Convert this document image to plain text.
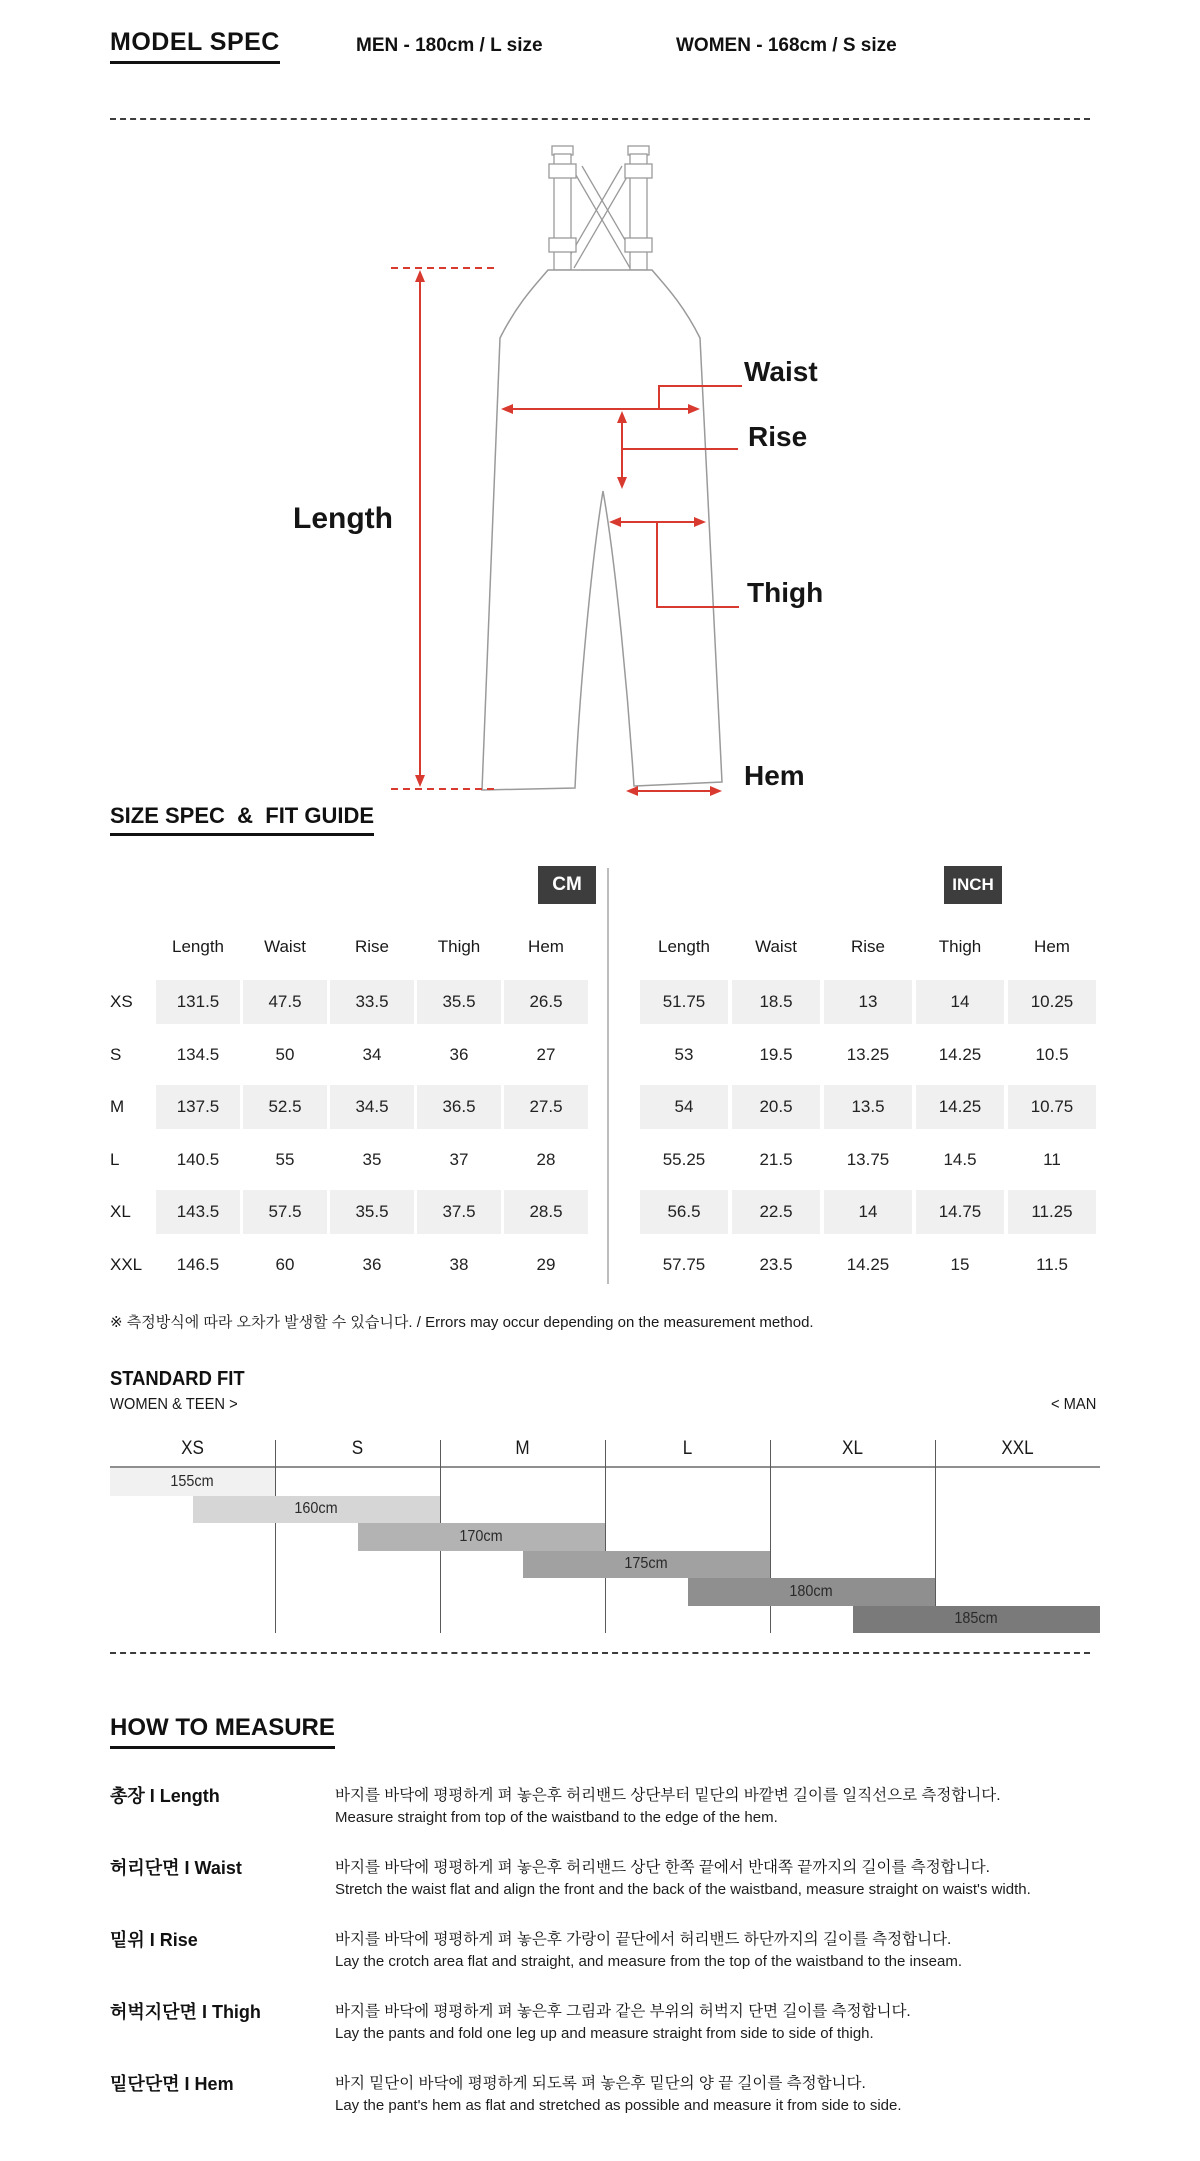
MODEL SPEC	MEN - 180cm / L size	WOMEN - 168cm / S size
Waist
Rise
Length
Thigh
Hem
SIZE SPEC  &  FIT GUIDE
CM	INCH
Length	Waist	Rise	Thigh	Hem
XS	131.5	47.5	33.5	35.5	26.5
S	134.5	50	34	36	27
M	137.5	52.5	34.5	36.5	27.5
L	140.5	55	35	37	28
XL	143.5	57.5	35.5	37.5	28.5
XXL	146.5	60	36	38	29
Length	Waist	Rise	Thigh	Hem
51.75	18.5	13	14	10.25
53	19.5	13.25	14.25	10.5
54	20.5	13.5	14.25	10.75
55.25	21.5	13.75	14.5	11
56.5	22.5	14	14.75	11.25
57.75	23.5	14.25	15	11.5
※ 측정방식에 따라 오차가 발생할 수 있습니다. / Errors may occur depending on the measurement method.
STANDARD FIT
WOMEN & TEEN >	< MAN
XS	S	M	L	XL	XXL
155cm
160cm
170cm
175cm
180cm
185cm
HOW TO MEASURE
총장 I Length	바지를 바닥에 평평하게 펴 놓은후 허리밴드 상단부터 밑단의 바깥변 길이를 일직선으로 측정합니다.
Measure straight from top of the waistband to the edge of the hem.
허리단면 I Waist	바지를 바닥에 평평하게 펴 놓은후 허리밴드 상단 한쪽 끝에서 반대쪽 끝까지의 길이를 측정합니다.
Stretch the waist flat and align the front and the back of the waistband, measure straight on waist's width.
밑위 I Rise	바지를 바닥에 평평하게 펴 놓은후 가랑이 끝단에서 허리밴드 하단까지의 길이를 측정합니다.
Lay the crotch area flat and straight, and measure from the top of the waistband to the inseam.
허벅지단면 I Thigh	바지를 바닥에 평평하게 펴 놓은후 그림과 같은 부위의 허벅지 단면 길이를 측정합니다.
Lay the pants and fold one leg up and measure straight from side to side of thigh.
밑단단면 I Hem	바지 밑단이 바닥에 평평하게 되도록 펴 놓은후 밑단의 양 끝 길이를 측정합니다.
Lay the pant's hem as flat and stretched as possible and measure it from side to side.
